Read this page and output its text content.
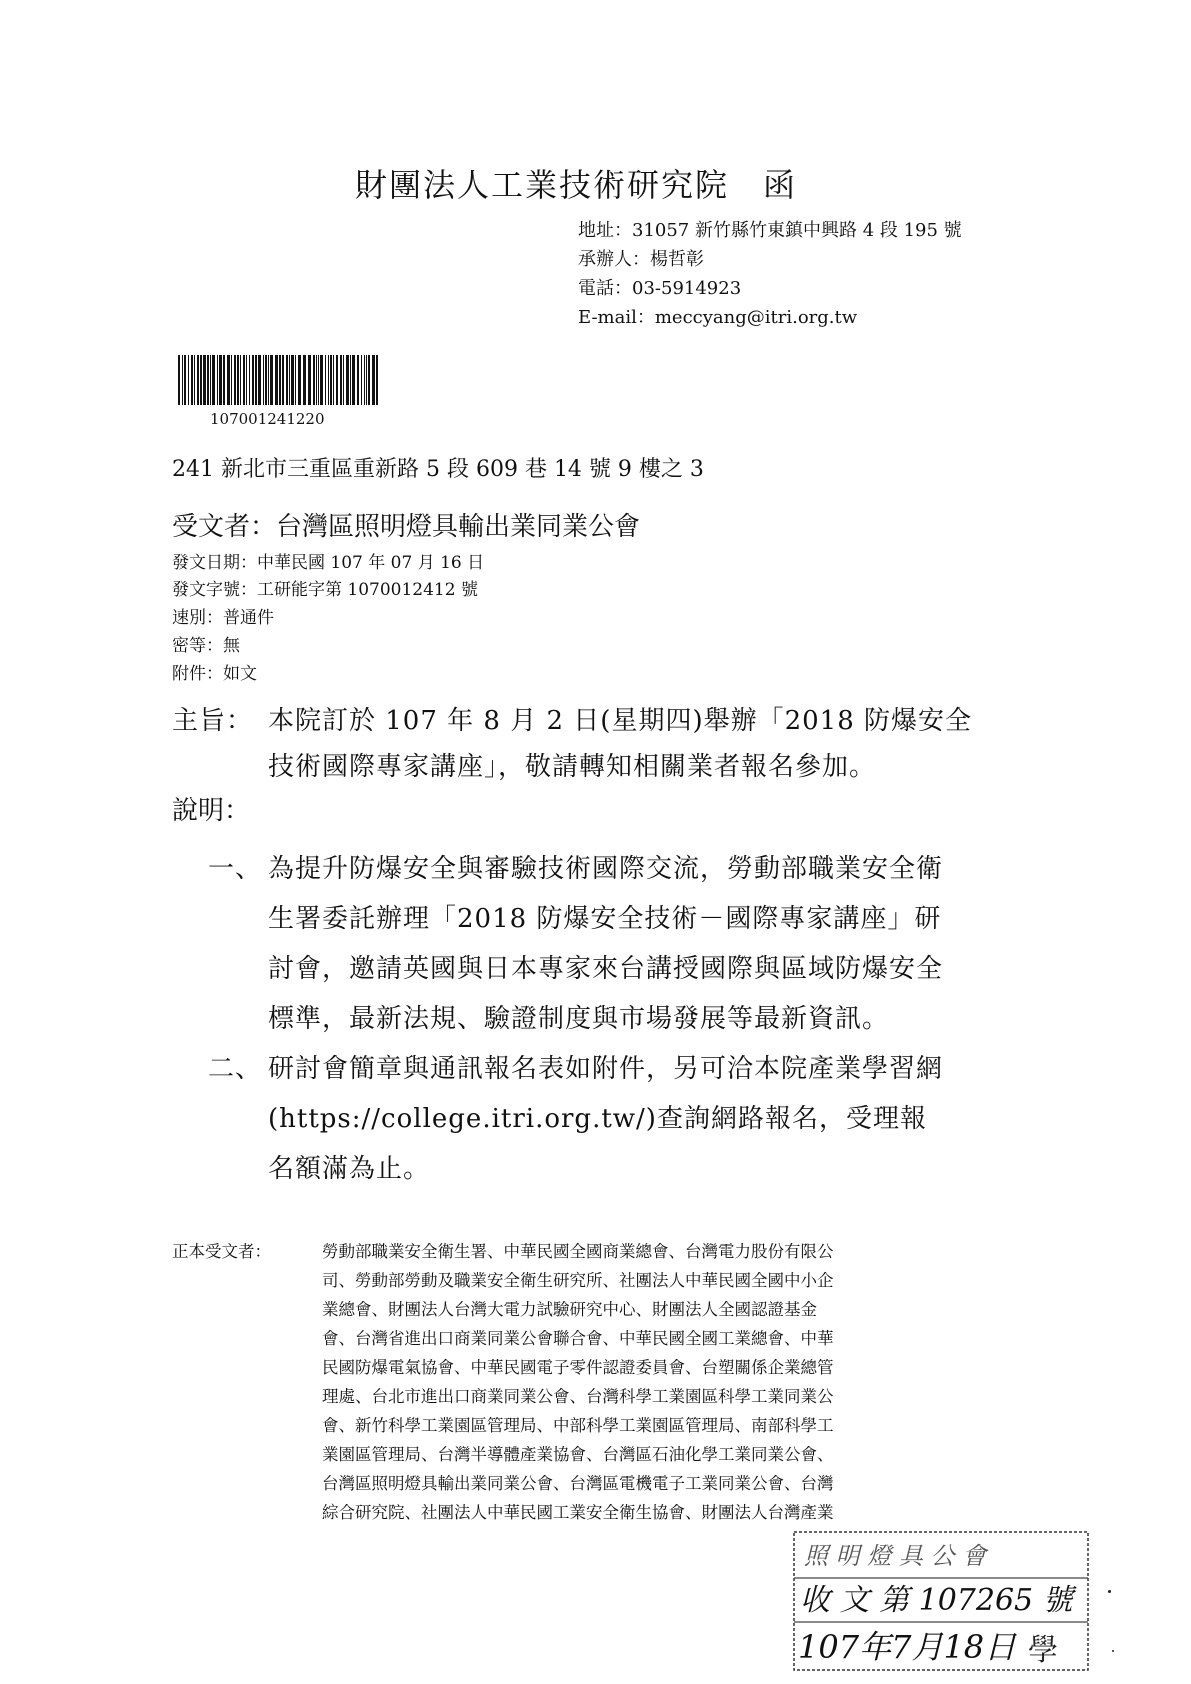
財團法人工業技術研究院　函
地址：31057 新竹縣竹東鎮中興路 4 段 195 號
承辦人：楊哲彰
電話：03-5914923
E-mail：meccyang@itri.org.tw
107001241220
241 新北市三重區重新路 5 段 609 巷 14 號 9 樓之 3
受文者：台灣區照明燈具輸出業同業公會
發文日期：中華民國 107 年 07 月 16 日
發文字號：工研能字第 1070012412 號
速別：普通件
密等：無
附件：如文
主旨： 本院訂於 107 年 8 月 2 日(星期四)舉辦「2018 防爆安全
技術國際專家講座」，敬請轉知相關業者報名參加。
說明：
一、 為提升防爆安全與審驗技術國際交流，勞動部職業安全衛
生署委託辦理「2018 防爆安全技術－國際專家講座」研
討會，邀請英國與日本專家來台講授國際與區域防爆安全
標準，最新法規、驗證制度與市場發展等最新資訊。
二、 研討會簡章與通訊報名表如附件，另可洽本院產業學習網
(https://college.itri.org.tw/)查詢網路報名，受理報
名額滿為止。
正本受文者：	勞動部職業安全衛生署、中華民國全國商業總會、台灣電力股份有限公
司、勞動部勞動及職業安全衛生研究所、社團法人中華民國全國中小企
業總會、財團法人台灣大電力試驗研究中心、財團法人全國認證基金
會、台灣省進出口商業同業公會聯合會、中華民國全國工業總會、中華
民國防爆電氣協會、中華民國電子零件認證委員會、台塑關係企業總管
理處、台北市進出口商業同業公會、台灣科學工業園區科學工業同業公
會、新竹科學工業園區管理局、中部科學工業園區管理局、南部科學工
業園區管理局、台灣半導體產業協會、台灣區石油化學工業同業公會、
台灣區照明燈具輸出業同業公會、台灣區電機電子工業同業公會、台灣
綜合研究院、社團法人中華民國工業安全衛生協會、財團法人台灣產業
照 明 燈 具 公 會
收 文 第 107265 號
107年7月18日 學
